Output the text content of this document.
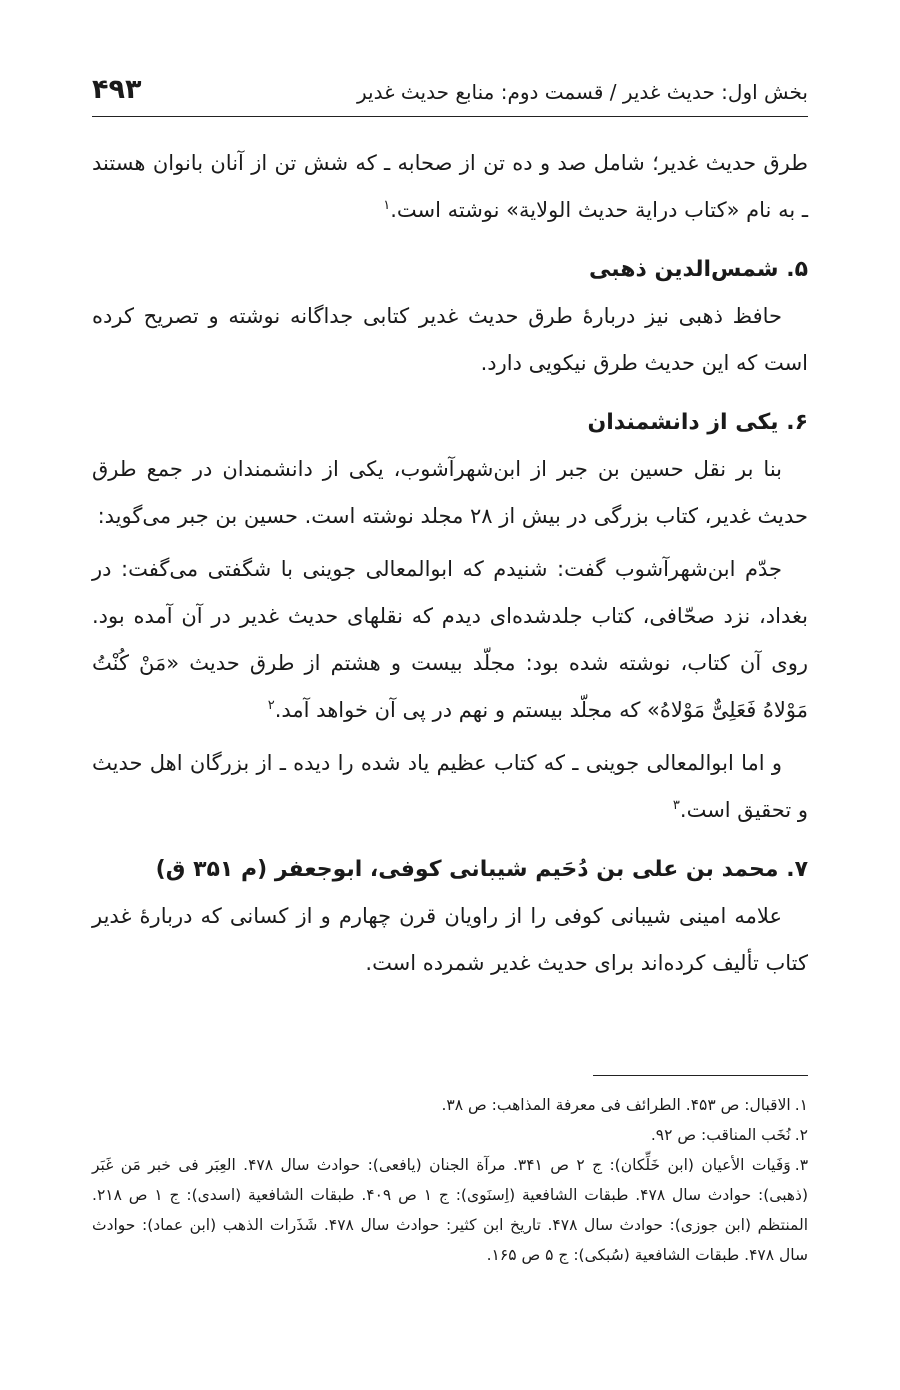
بخش اول: حدیث غدیر / قسمت دوم: منابع حدیث غدیر
۴۹۳

طرق حدیث غدیر؛ شامل صد و ده تن از صحابه ـ که شش تن از آنان بانوان هستند ـ به نام «کتاب درایة حدیث الولایة» نوشته است.$^۱$

۵. شمس‌الدین ذهبی

حافظ ذهبی نیز دربارهٔ طرق حدیث غدیر کتابی جداگانه نوشته و تصریح کرده است که این حدیث طرق نیکویی دارد.

۶. یکی از دانشمندان

بنا بر نقل حسین بن جبر از ابن‌شهرآشوب، یکی از دانشمندان در جمع طرق حدیث غدیر، کتاب بزرگی در بیش از ۲۸ مجلد نوشته است. حسین بن جبر می‌گوید:

جدّم ابن‌شهرآشوب گفت: شنیدم که ابوالمعالی جوینی با شگفتی می‌گفت: در بغداد، نزد صحّافی، کتاب جلدشده‌ای دیدم که نقلهای حدیث غدیر در آن آمده بود. روی آن کتاب، نوشته شده بود: مجلّد بیست و هشتم از طرق حدیث «مَنْ کُنْتُ مَوْلاهُ فَعَلِیٌّ مَوْلاهُ» که مجلّد بیستم و نهم در پی آن خواهد آمد.$^۲$

و اما ابوالمعالی جوینی ـ که کتاب عظیم یاد شده را دیده ـ از بزرگان اهل حدیث و تحقیق است.$^۳$

۷. محمد بن علی بن دُحَیم شیبانی کوفی، ابوجعفر (م ۳۵۱ ق)

علامه امینی شیبانی کوفی را از راویان قرن چهارم و از کسانی که دربارهٔ غدیر کتاب تألیف کرده‌اند برای حدیث غدیر شمرده است.

۱.الاقبال: ص ۴۵۳. الطرائف فی معرفة المذاهب: ص ۳۸.
۲.نُخَب المناقب: ص ۹۲.
۳.وَفَیات الأعیان (ابن خَلِّکان): ج ۲ ص ۳۴۱. مرآة الجنان (یافعی): حوادث سال ۴۷۸. العِبَر فی خبر مَن غَبَر (ذهبی): حوادث سال ۴۷۸. طبقات الشافعیة (اِسنَوی): ج ۱ ص ۴۰۹. طبقات الشافعیة (اسدی): ج ۱ ص ۲۱۸. المنتظم (ابن جوزی): حوادث سال ۴۷۸. تاریخ ابن کثیر: حوادث سال ۴۷۸. شَذَرات الذهب (ابن عماد): حوادث سال ۴۷۸. طبقات الشافعیة (سُبکی): ج ۵ ص ۱۶۵.
